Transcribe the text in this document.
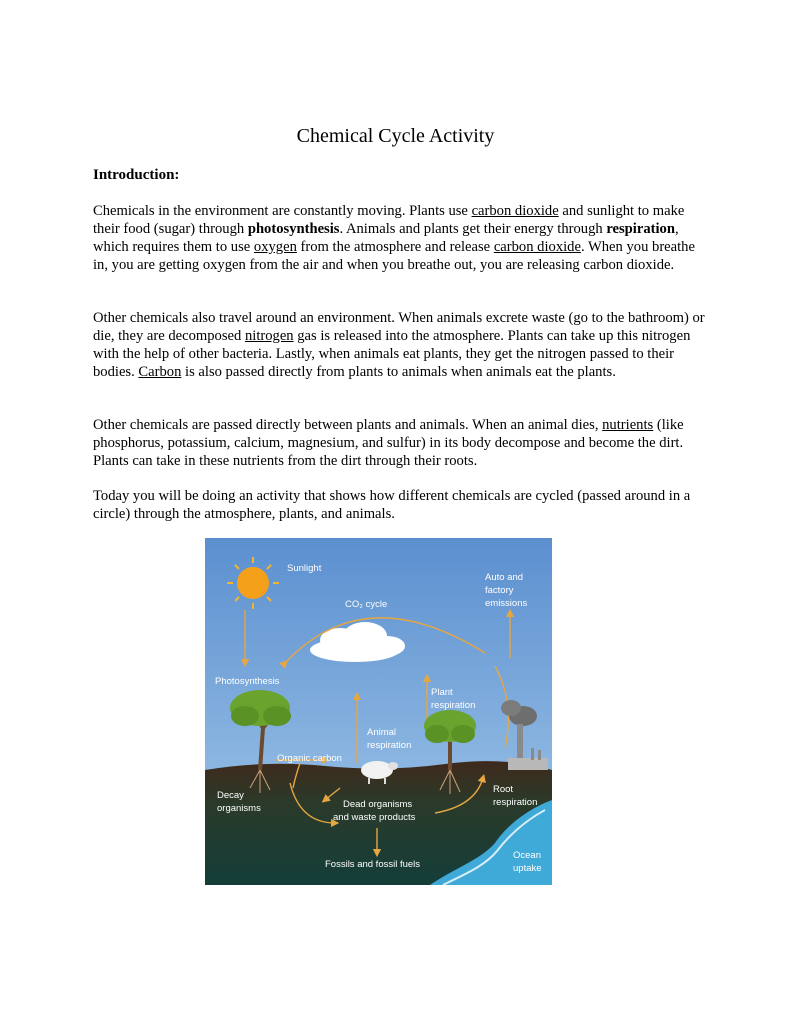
Chemical Cycle Activity
Introduction:
Chemicals in the environment are constantly moving. Plants use carbon dioxide and sunlight to make their food (sugar) through photosynthesis. Animals and plants get their energy through respiration, which requires them to use oxygen from the atmosphere and release carbon dioxide. When you breathe in, you are getting oxygen from the air and when you breathe out, you are releasing carbon dioxide.
Other chemicals also travel around an environment. When animals excrete waste (go to the bathroom) or die, they are decomposed nitrogen gas is released into the atmosphere. Plants can take up this nitrogen with the help of other bacteria. Lastly, when animals eat plants, they get the nitrogen passed to their bodies. Carbon is also passed directly from plants to animals when animals eat the plants.
Other chemicals are passed directly between plants and animals. When an animal dies, nutrients (like phosphorus, potassium, calcium, magnesium, and sulfur) in its body decompose and become the dirt. Plants can take in these nutrients from the dirt through their roots.
Today you will be doing an activity that shows how different chemicals are cycled (passed around in a circle) through the atmosphere, plants, and animals.
Sunlight
CO₂ cycle
Auto and
factory
emissions
Photosynthesis
Plant
respiration
Animal
respiration
Organic carbon
Decay
organisms	Dead organisms
and waste products
Root
respiration
Fossils and fossil fuels
Ocean
uptake
